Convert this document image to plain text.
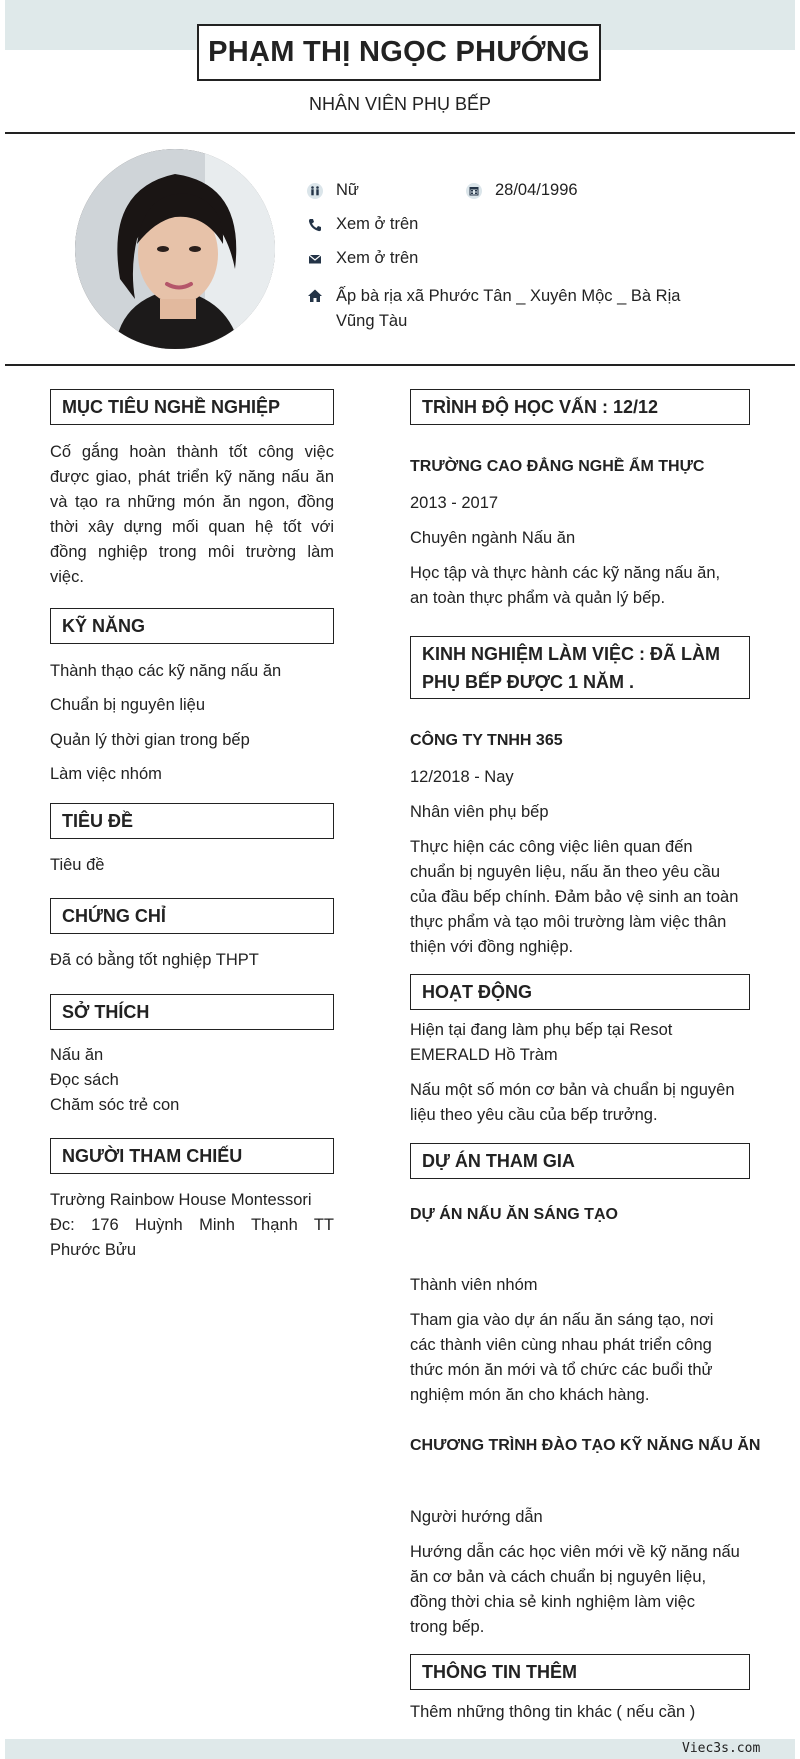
PHẠM THỊ NGỌC PHƯỚNG
NHÂN VIÊN PHỤ BẾP
Nữ	28/04/1996
Xem ở trên
Xem ở trên
Ấp bà rịa xã Phước Tân _ Xuyên Mộc _ Bà Rịa
Vũng Tàu
MỤC TIÊU NGHỀ NGHIỆP
Cố gắng hoàn thành tốt công việc
được giao, phát triển kỹ năng nấu ăn
và tạo ra những món ăn ngon, đồng
thời xây dựng mối quan hệ tốt với
đồng nghiệp trong môi trường làm
việc.
KỸ NĂNG
Thành thạo các kỹ năng nấu ăn
Chuẩn bị nguyên liệu
Quản lý thời gian trong bếp
Làm việc nhóm
TIÊU ĐỀ
Tiêu đề
CHỨNG CHỈ
Đã có bằng tốt nghiệp THPT
SỞ THÍCH
Nấu ăn
Đọc sách
Chăm sóc trẻ con
NGƯỜI THAM CHIẾU
Trường Rainbow House Montessori
Đc: 176 Huỳnh Minh Thạnh TT
Phước Bửu
TRÌNH ĐỘ HỌC VẤN : 12/12
TRƯỜNG CAO ĐẲNG NGHỀ ẨM THỰC
2013 - 2017
Chuyên ngành Nấu ăn
Học tập và thực hành các kỹ năng nấu ăn,
an toàn thực phẩm và quản lý bếp.
KINH NGHIỆM LÀM VIỆC : ĐÃ LÀM
PHỤ BẾP ĐƯỢC 1 NĂM .
CÔNG TY TNHH 365
12/2018 - Nay
Nhân viên phụ bếp
Thực hiện các công việc liên quan đến
chuẩn bị nguyên liệu, nấu ăn theo yêu cầu
của đầu bếp chính. Đảm bảo vệ sinh an toàn
thực phẩm và tạo môi trường làm việc thân
thiện với đồng nghiệp.
HOẠT ĐỘNG
Hiện tại đang làm phụ bếp tại Resot
EMERALD Hồ Tràm
Nấu một số món cơ bản và chuẩn bị nguyên
liệu theo yêu cầu của bếp trưởng.
DỰ ÁN THAM GIA
DỰ ÁN NẤU ĂN SÁNG TẠO
Thành viên nhóm
Tham gia vào dự án nấu ăn sáng tạo, nơi
các thành viên cùng nhau phát triển công
thức món ăn mới và tổ chức các buổi thử
nghiệm món ăn cho khách hàng.
CHƯƠNG TRÌNH ĐÀO TẠO KỸ NĂNG NẤU ĂN
Người hướng dẫn
Hướng dẫn các học viên mới về kỹ năng nấu
ăn cơ bản và cách chuẩn bị nguyên liệu,
đồng thời chia sẻ kinh nghiệm làm việc
trong bếp.
THÔNG TIN THÊM
Thêm những thông tin khác ( nếu cần )
Viec3s.com
